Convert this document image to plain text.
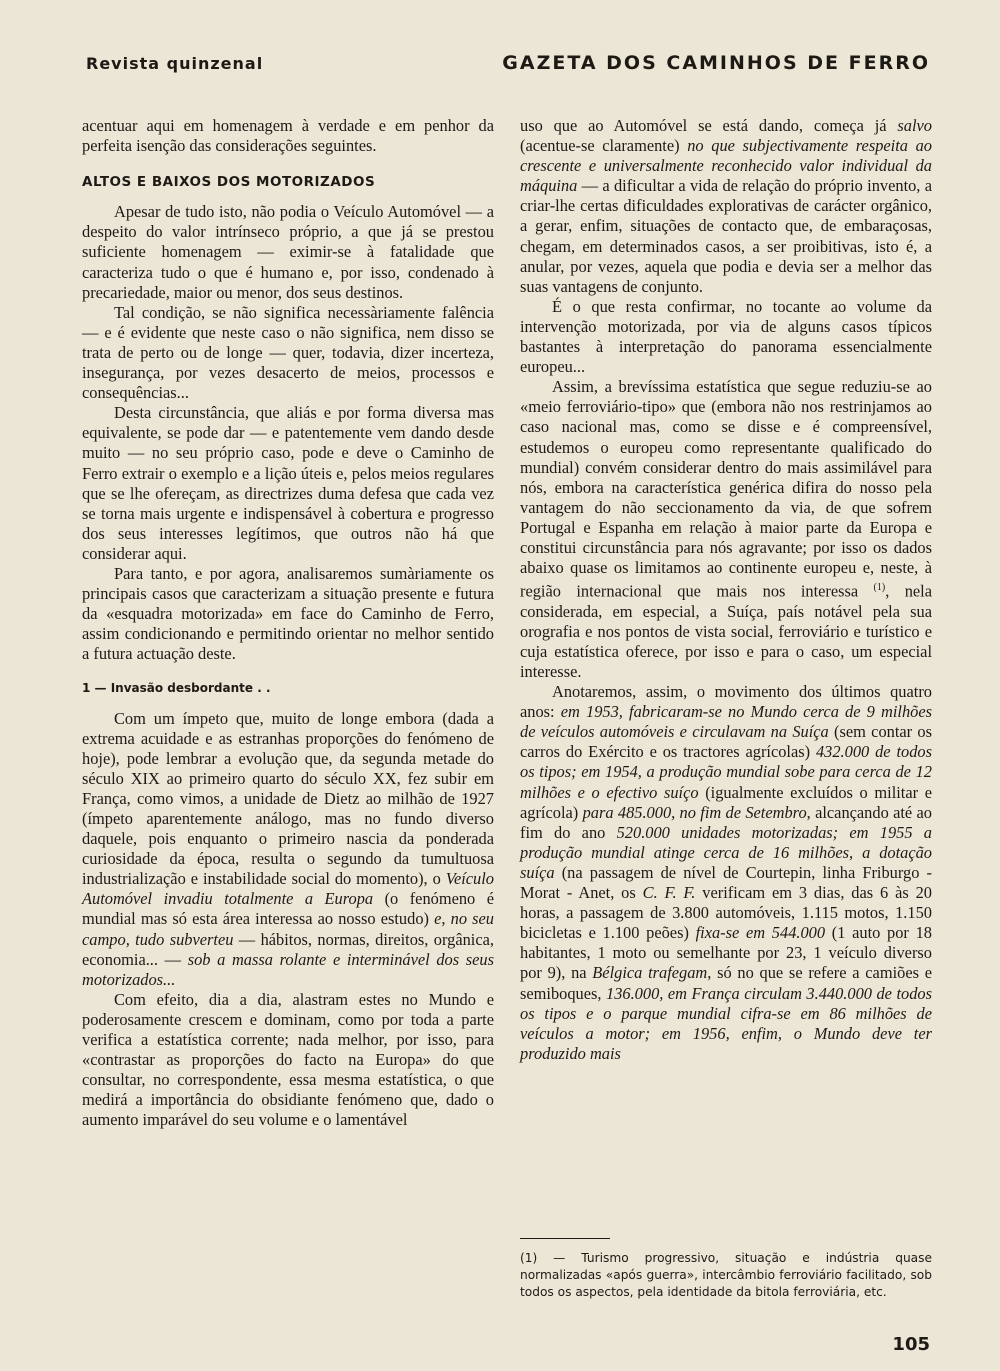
Revista quinzenal	GAZETA DOS CAMINHOS DE FERRO

acentuar aqui em homenagem à verdade e em penhor da perfeita isenção das considerações seguintes.

ALTOS E BAIXOS DOS MOTORIZADOS

Apesar de tudo isto, não podia o Veículo Automóvel — a despeito do valor intrínseco próprio, a que já se prestou suficiente homenagem — eximir-se à fatalidade que caracteriza tudo o que é humano e, por isso, condenado à precariedade, maior ou menor, dos seus destinos.

Tal condição, se não significa necessàriamente falência — e é evidente que neste caso o não significa, nem disso se trata de perto ou de longe — quer, todavia, dizer incerteza, insegurança, por vezes desacerto de meios, processos e consequências...

Desta circunstância, que aliás e por forma diversa mas equivalente, se pode dar — e patentemente vem dando desde muito — no seu próprio caso, pode e deve o Caminho de Ferro extrair o exemplo e a lição úteis e, pelos meios regulares que se lhe ofereçam, as directrizes duma defesa que cada vez se torna mais urgente e indispensável à cobertura e progresso dos seus interesses legítimos, que outros não há que considerar aqui.

Para tanto, e por agora, analisaremos sumàriamente os principais casos que caracterizam a situação presente e futura da «esquadra motorizada» em face do Caminho de Ferro, assim condicionando e permitindo orientar no melhor sentido a futura actuação deste.

1 — Invasão desbordante . .

Com um ímpeto que, muito de longe embora (dada a extrema acuidade e as estranhas proporções do fenómeno de hoje), pode lembrar a evolução que, da segunda metade do século XIX ao primeiro quarto do século XX, fez subir em França, como vimos, a unidade de Dietz ao milhão de 1927 (ímpeto aparentemente análogo, mas no fundo diverso daquele, pois enquanto o primeiro nascia da ponderada curiosidade da época, resulta o segundo da tumultuosa industrialização e instabilidade social do momento), o Veículo Automóvel invadiu totalmente a Europa (o fenómeno é mundial mas só esta área interessa ao nosso estudo) e, no seu campo, tudo subverteu — hábitos, normas, direitos, orgânica, economia... — sob a massa rolante e interminável dos seus motorizados...

Com efeito, dia a dia, alastram estes no Mundo e poderosamente crescem e dominam, como por toda a parte verifica a estatística corrente; nada melhor, por isso, para «contrastar as proporções do facto na Europa» do que consultar, no correspondente, essa mesma estatística, o que medirá a importância do obsidiante fenómeno que, dado o aumento imparável do seu volume e o lamentável

uso que ao Automóvel se está dando, começa já salvo (acentue-se claramente) no que subjectivamente respeita ao crescente e universalmente reconhecido valor individual da máquina — a dificultar a vida de relação do próprio invento, a criar-lhe certas dificuldades explorativas de carácter orgânico, a gerar, enfim, situações de contacto que, de embaraçosas, chegam, em determinados casos, a ser proibitivas, isto é, a anular, por vezes, aquela que podia e devia ser a melhor das suas vantagens de conjunto.

É o que resta confirmar, no tocante ao volume da intervenção motorizada, por via de alguns casos típicos bastantes à interpretação do panorama essencialmente europeu...

Assim, a brevíssima estatística que segue reduziu-se ao «meio ferroviário-tipo» que (embora não nos restrinjamos ao caso nacional mas, como se disse e é compreensível, estudemos o europeu como representante qualificado do mundial) convém considerar dentro do mais assimilável para nós, embora na característica genérica difira do nosso pela vantagem do não seccionamento da via, de que sofrem Portugal e Espanha em relação à maior parte da Europa e constitui circunstância para nós agravante; por isso os dados abaixo quase os limitamos ao continente europeu e, neste, à região internacional que mais nos interessa $^{(1)}$, nela considerada, em especial, a Suíça, país notável pela sua orografia e nos pontos de vista social, ferroviário e turístico e cuja estatística oferece, por isso e para o caso, um especial interesse.

Anotaremos, assim, o movimento dos últimos quatro anos: em 1953, fabricaram-se no Mundo cerca de 9 milhões de veículos automóveis e circulavam na Suíça (sem contar os carros do Exército e os tractores agrícolas) 432.000 de todos os tipos; em 1954, a produção mundial sobe para cerca de 12 milhões e o efectivo suíço (igualmente excluídos o militar e agrícola) para 485.000, no fim de Setembro, alcançando até ao fim do ano 520.000 unidades motorizadas; em 1955 a produção mundial atinge cerca de 16 milhões, a dotação suíça (na passagem de nível de Courtepin, linha Friburgo - Morat - Anet, os C. F. F. verificam em 3 dias, das 6 às 20 horas, a passagem de 3.800 automóveis, 1.115 motos, 1.150 bicicletas e 1.100 peões) fixa-se em 544.000 (1 auto por 18 habitantes, 1 moto ou semelhante por 23, 1 veículo diverso por 9), na Bélgica trafegam, só no que se refere a camiões e semiboques, 136.000, em França circulam 3.440.000 de todos os tipos e o parque mundial cifra-se em 86 milhões de veículos a motor; em 1956, enfim, o Mundo deve ter produzido mais

(1) — Turismo progressivo, situação e indústria quase normalizadas «após guerra», intercâmbio ferroviário facilitado, sob todos os aspectos, pela identidade da bitola ferroviária, etc.
105
